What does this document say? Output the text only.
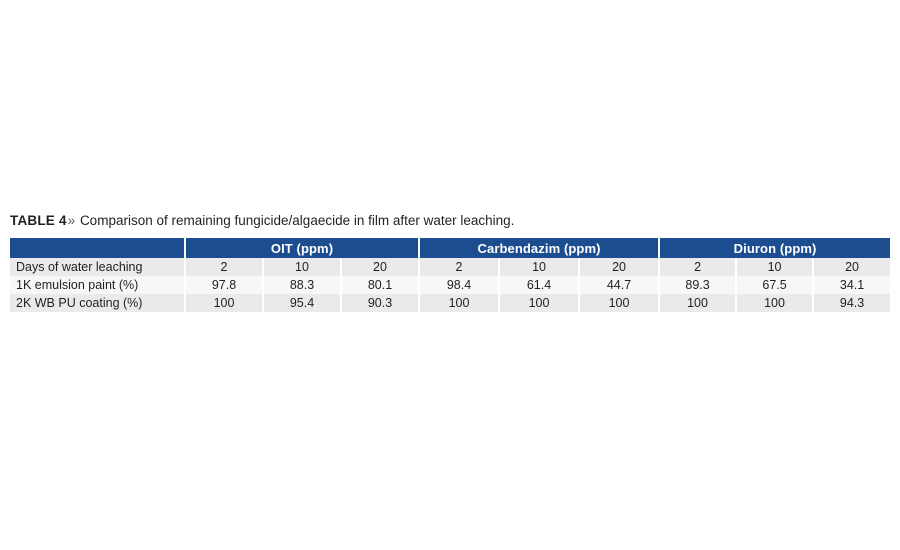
TABLE 4» Comparison of remaining fungicide/algaecide in film after water leaching.
	OIT (ppm)			Carbendazim (ppm)			Diuron (ppm)		
Days of water leaching	2	10	20	2	10	20	2	10	20
1K emulsion paint (%)	97.8	88.3	80.1	98.4	61.4	44.7	89.3	67.5	34.1
2K WB PU coating (%)	100	95.4	90.3	100	100	100	100	100	94.3
